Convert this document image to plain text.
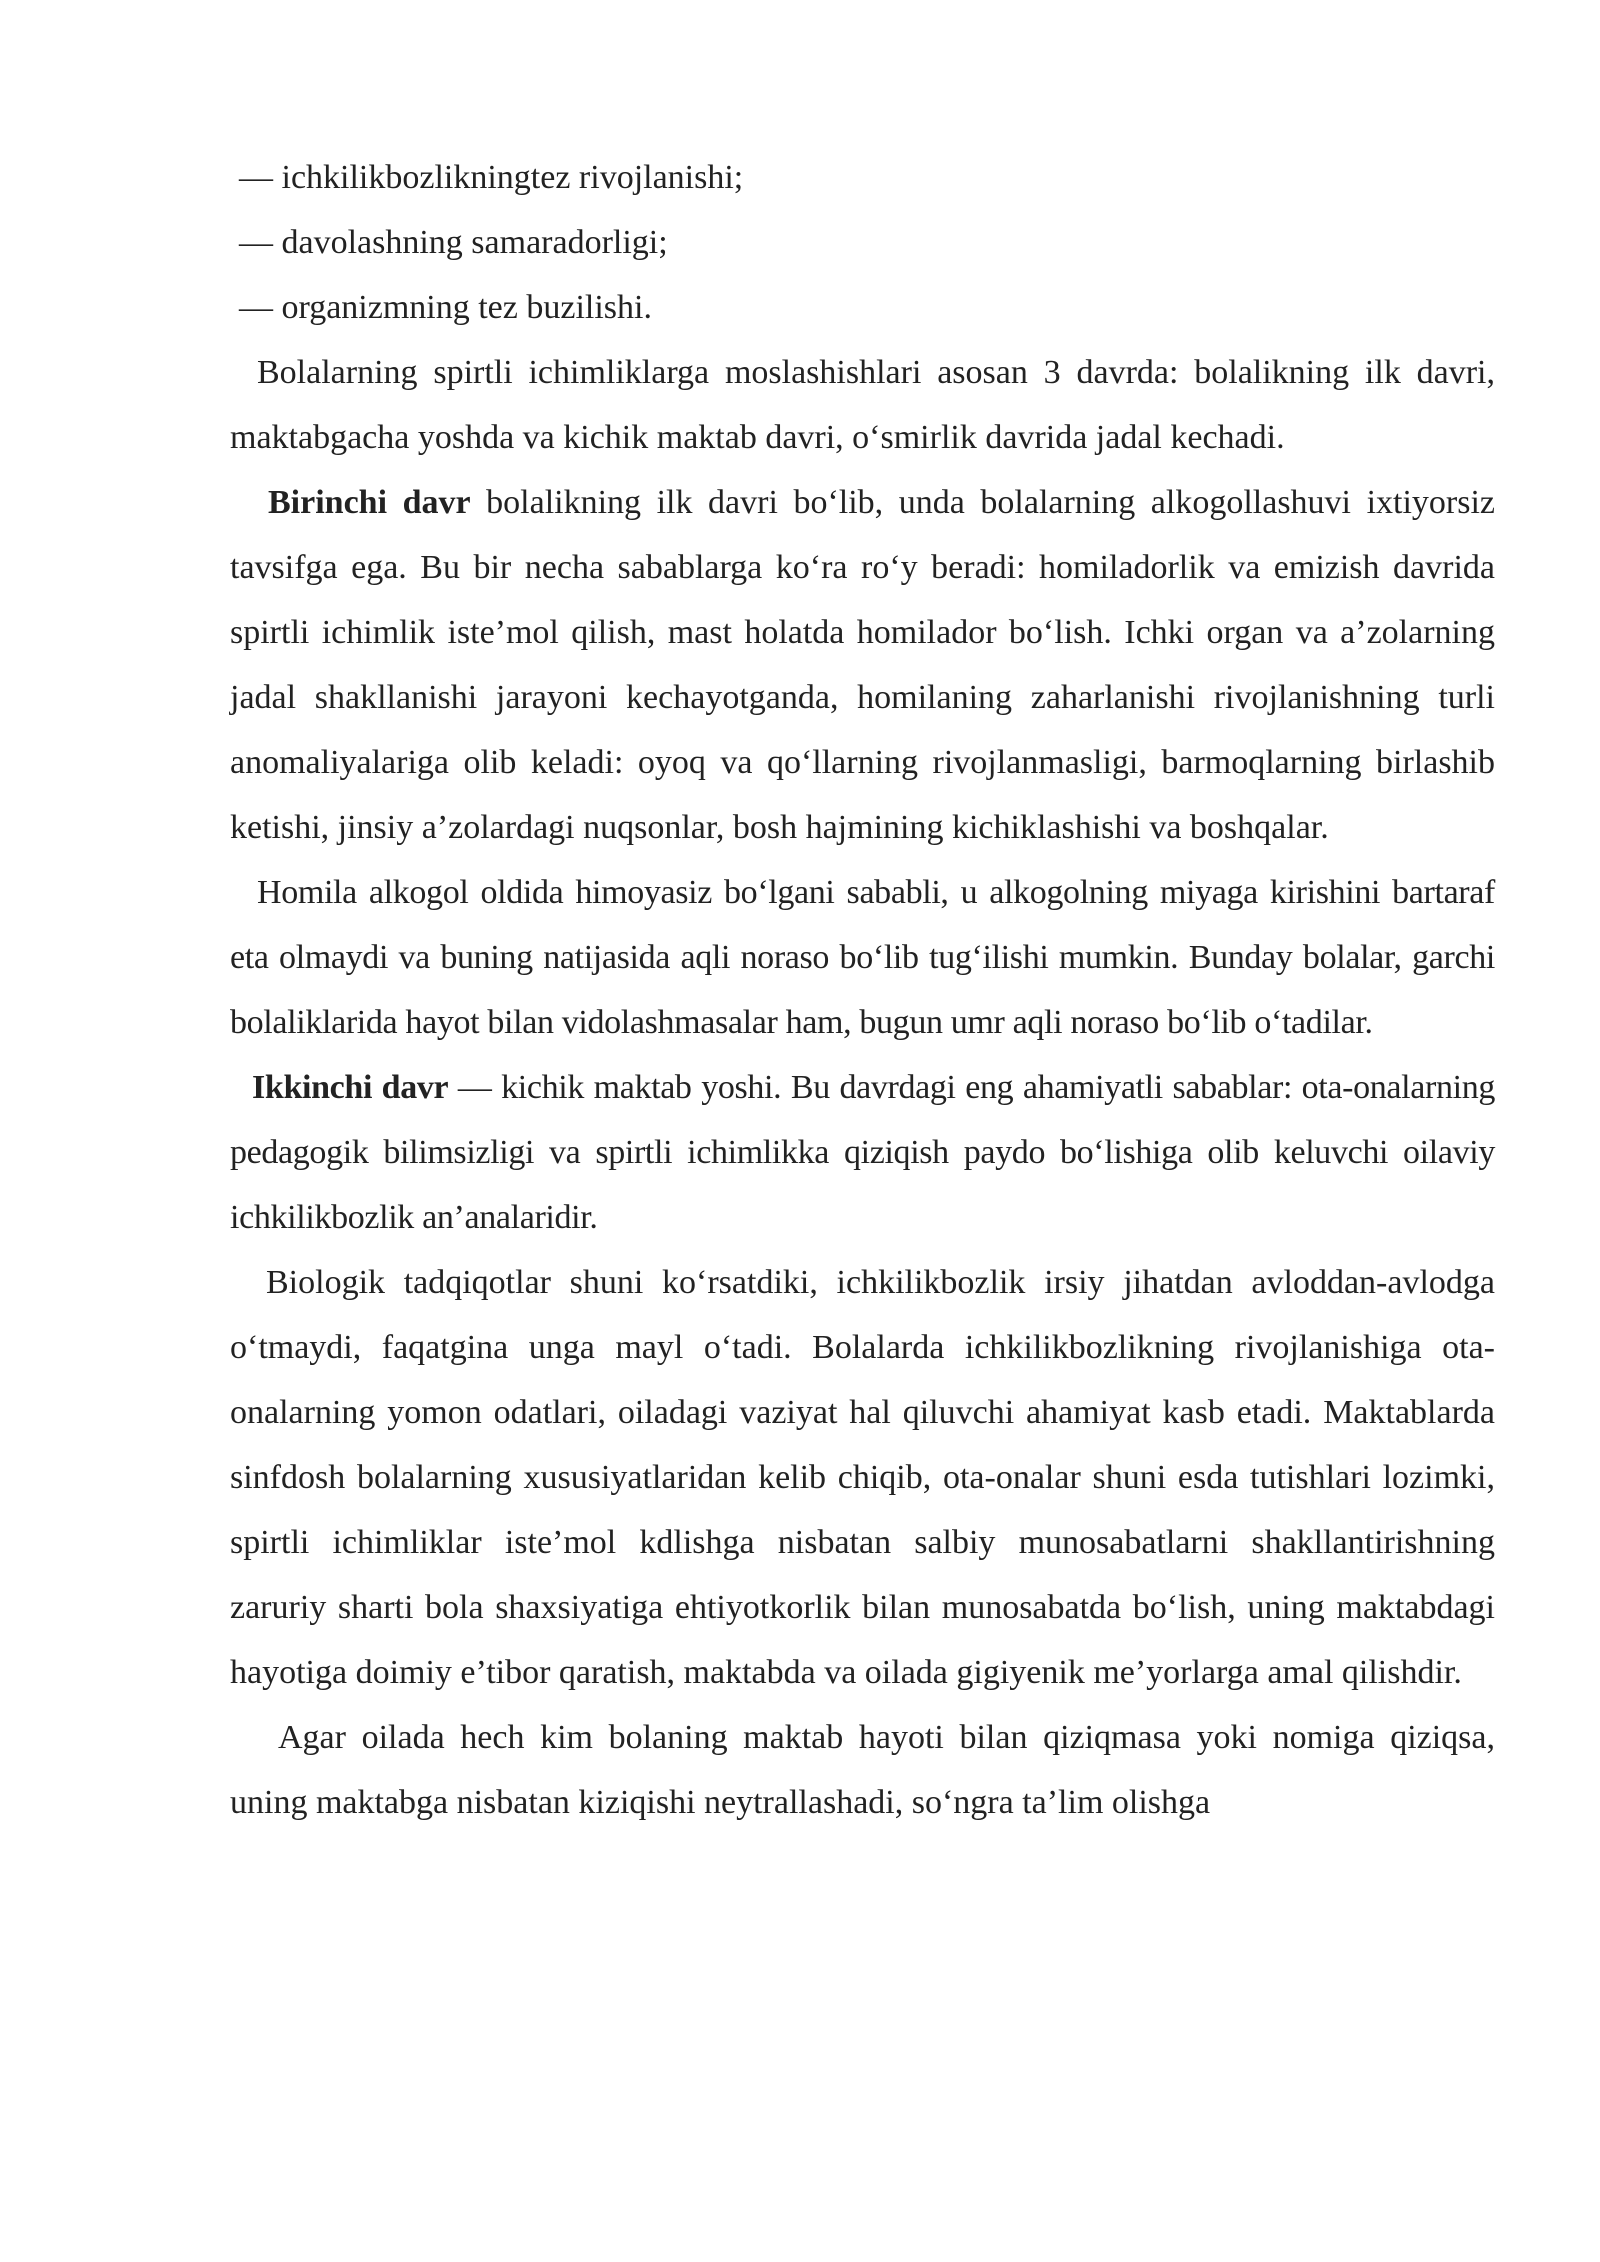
— ichkilikbozlikningtez rivojlanishi;

— davolashning samaradorligi;

— organizmning tez buzilishi.

Bolalarning spirtli ichimliklarga moslashishlari asosan 3 davrda: bolalikning ilk davri, maktabgacha yoshda va kichik maktab davri, o‘smirlik davrida jadal kechadi.

Birinchi davr bolalikning ilk davri bo‘lib, unda bolalarning alkogollashuvi ixtiyorsiz tavsifga ega. Bu bir necha sabablarga ko‘ra ro‘y beradi: homiladorlik va emizish davrida spirtli ichimlik iste’mol qilish, mast holatda homilador bo‘lish. Ichki organ va a’zolarning jadal shakllanishi jarayoni kechayotganda, homilaning zaharlanishi rivojlanishning turli anomaliyalariga olib keladi: oyoq va qo‘llarning rivojlanmasligi, barmoqlarning birlashib ketishi, jinsiy a’zolardagi nuqsonlar, bosh hajmining kichiklashishi va boshqalar.

Homila alkogol oldida himoyasiz bo‘lgani sababli, u alkogolning miyaga kirishini bartaraf eta olmaydi va buning natijasida aqli noraso bo‘lib tug‘ilishi mumkin. Bunday bolalar, garchi bolaliklarida hayot bilan vidolashmasalar ham, bugun umr aqli noraso bo‘lib o‘tadilar.

Ikkinchi davr — kichik maktab yoshi. Bu davrdagi eng ahamiyatli sabablar: ota-onalarning pedagogik bilimsizligi va spirtli ichimlikka qiziqish paydo bo‘lishiga olib keluvchi oilaviy ichkilikbozlik an’analaridir.

Biologik tadqiqotlar shuni ko‘rsatdiki, ichkilikbozlik irsiy jihatdan avloddan-avlodga o‘tmaydi, faqatgina unga mayl o‘tadi. Bolalarda ichkilikbozlikning rivojlanishiga ota-onalarning yomon odatlari, oiladagi vaziyat hal qiluvchi ahamiyat kasb etadi. Maktablarda sinfdosh bolalarning xususiyatlaridan kelib chiqib, ota-onalar shuni esda tutishlari lozimki, spirtli ichimliklar iste’mol kdlishga nisbatan salbiy munosabatlarni shakllantirishning zaruriy sharti bola shaxsiyatiga ehtiyotkorlik bilan munosabatda bo‘lish, uning maktabdagi hayotiga doimiy e’tibor qaratish, maktabda va oilada gigiyenik me’yorlarga amal qilishdir.

Agar oilada hech kim bolaning maktab hayoti bilan qiziqmasa yoki nomiga qiziqsa, uning maktabga nisbatan kiziqishi neytrallashadi, so‘ngra ta’lim olishga
